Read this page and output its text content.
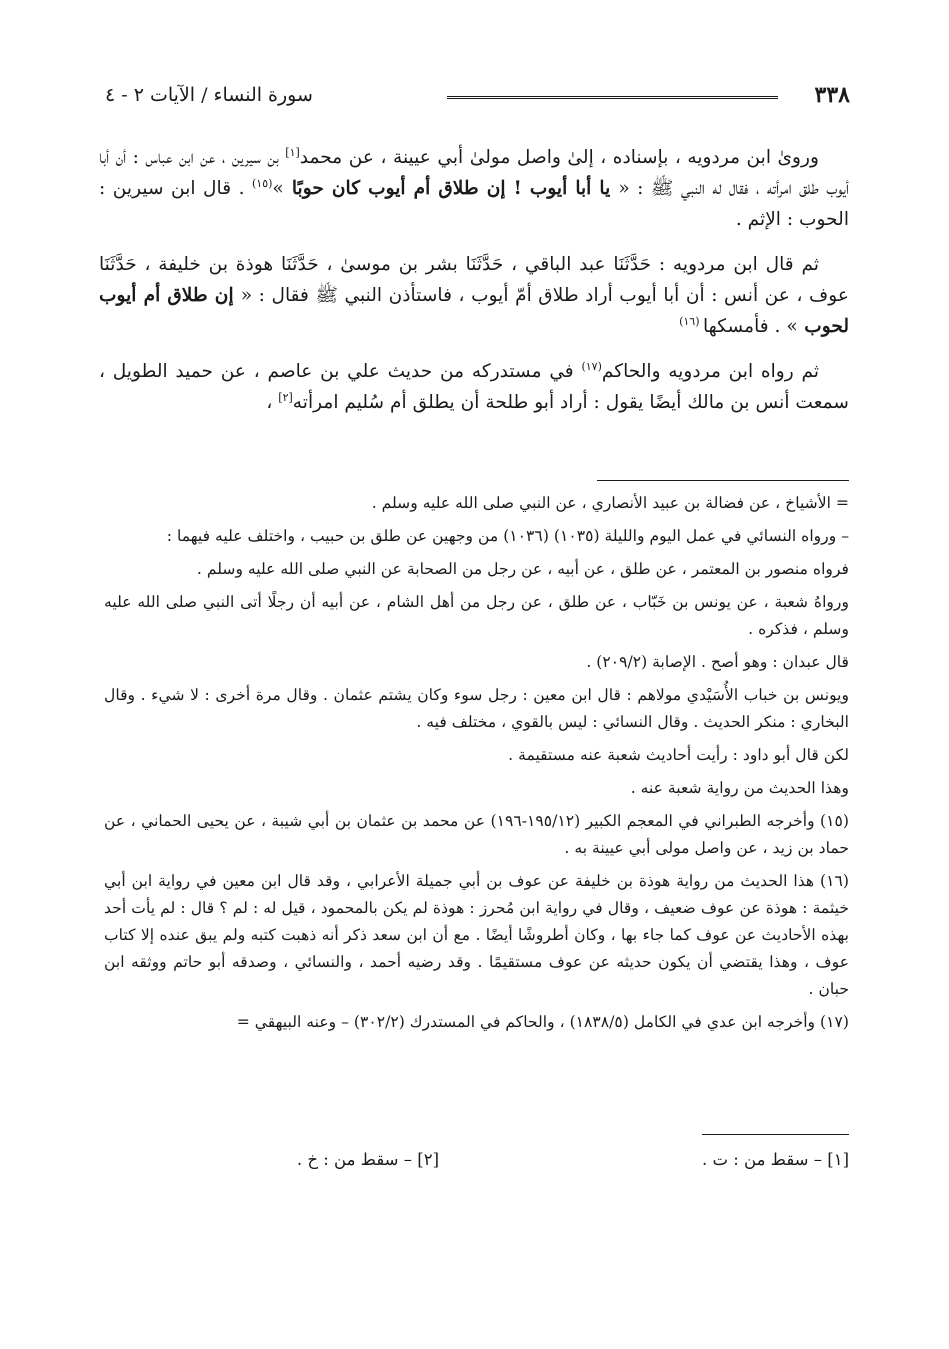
٣٣٨
سورة النساء / الآيات ٢ - ٤

وروىٰ ابن مردويه ، بإسناده ، إلىٰ واصل مولىٰ أبي عيينة ، عن محمد[١] بن سيرين ، عن ابن عباس : أن أبا أيوب طلق امرأته ، فقال له النبي ﷺ : « يا أبا أيوب ! إن طلاق أم أيوب كان حوبًا »$^{(١٥)}$ . قال ابن سيرين : الحوب : الإثم .

ثم قال ابن مردويه : حَدَّثَنَا عبد الباقي ، حَدَّثَنَا بشر بن موسىٰ ، حَدَّثَنَا هوذة بن خليفة ، حَدَّثَنَا عوف ، عن أنس : أن أبا أيوب أراد طلاق أمّ أيوب ، فاستأذن النبي ﷺ فقال : « إن طلاق أم أيوب لحوب » . فأمسكها $^{(١٦)}$

ثم رواه ابن مردويه والحاكم$^{(١٧)}$ في مستدركه من حديث علي بن عاصم ، عن حميد الطويل ، سمعت أنس بن مالك أيضًا يقول : أراد أبو طلحة أن يطلق أم سُليم امرأته[٢] ،

= الأشياخ ، عن فضالة بن عبيد الأنصاري ، عن النبي صلى الله عليه وسلم .

– ورواه النسائي في عمل اليوم والليلة (١٠٣٥) (١٠٣٦) من وجهين عن طلق بن حبيب ، واختلف عليه فيهما :

فرواه منصور بن المعتمر ، عن طلق ، عن أبيه ، عن رجل من الصحابة عن النبي صلى الله عليه وسلم .

ورواهُ شعبة ، عن يونس بن خَبّاب ، عن طلق ، عن رجل من أهل الشام ، عن أبيه أن رجلًا أتى النبي صلى الله عليه وسلم ، فذكره .

قال عبدان : وهو أصح . الإصابة (٢٠٩/٢) .

ويونس بن خباب الأُسَيْدي مولاهم : قال ابن معين : رجل سوء وكان يشتم عثمان . وقال مرة أخرى : لا شيء . وقال البخاري : منكر الحديث . وقال النسائي : ليس بالقوي ، مختلف فيه .

لكن قال أبو داود : رأيت أحاديث شعبة عنه مستقيمة .

وهذا الحديث من رواية شعبة عنه .

(١٥) وأخرجه الطبراني في المعجم الكبير (١٩٥/١٢-١٩٦) عن محمد بن عثمان بن أبي شيبة ، عن يحيى الحماني ، عن حماد بن زيد ، عن واصل مولى أبي عيينة به .

(١٦) هذا الحديث من رواية هوذة بن خليفة عن عوف بن أبي جميلة الأعرابي ، وقد قال ابن معين في رواية ابن أبي خيثمة : هوذة عن عوف ضعيف ، وقال في رواية ابن مُحرز : هوذة لم يكن بالمحمود ، قيل له : لم ؟ قال : لم يأت أحد بهذه الأحاديث عن عوف كما جاء بها ، وكان أطروشًا أيضًا . مع أن ابن سعد ذكر أنه ذهبت كتبه ولم يبق عنده إلا كتاب عوف ، وهذا يقتضي أن يكون حديثه عن عوف مستقيمًا . وقد رضيه أحمد ، والنسائي ، وصدقه أبو حاتم ووثقه ابن حبان .

(١٧) وأخرجه ابن عدي في الكامل (١٨٣٨/٥) ، والحاكم في المستدرك (٣٠٢/٢) – وعنه البيهقي =

[١] – سقط من : ت .
[٢] – سقط من : خ .
